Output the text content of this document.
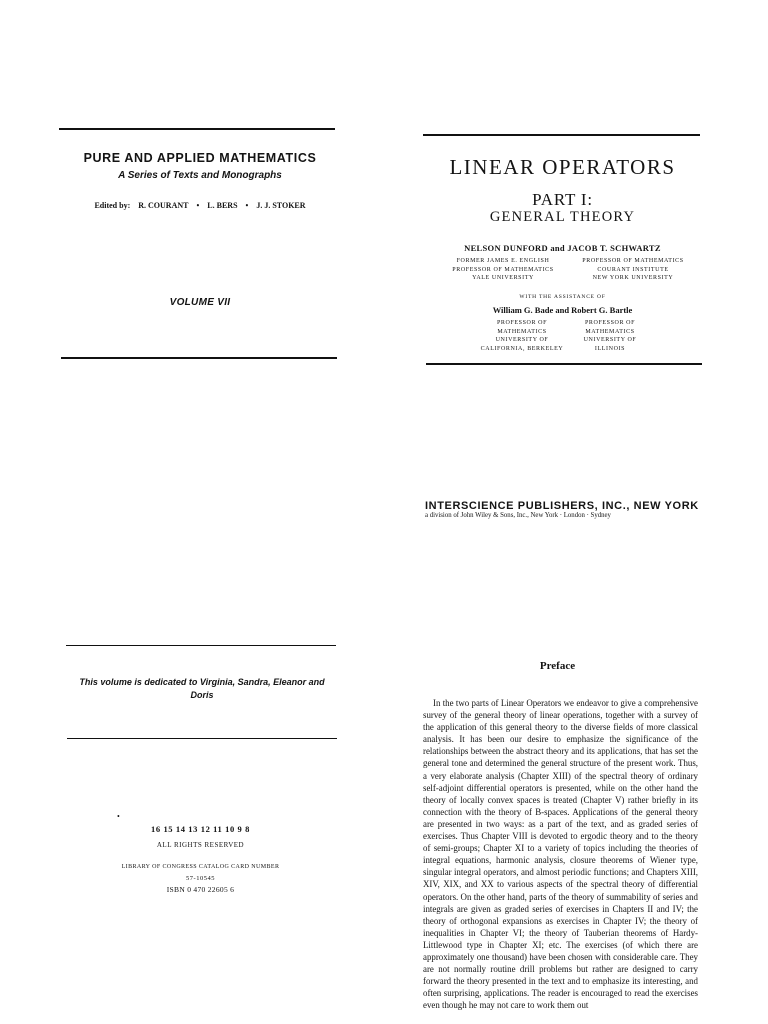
PURE AND APPLIED MATHEMATICS
A Series of Texts and Monographs
Edited by: R. COURANT • L. BERS • J. J. STOKER
VOLUME VII
LINEAR OPERATORS
PART I:
GENERAL THEORY
NELSON DUNFORD and JACOB T. SCHWARTZ
FORMER JAMES E. ENGLISH
PROFESSOR OF MATHEMATICS
YALE UNIVERSITY
PROFESSOR OF MATHEMATICS
COURANT INSTITUTE
NEW YORK UNIVERSITY
WITH THE ASSISTANCE OF
William G. Bade and Robert G. Bartle
PROFESSOR OF
MATHEMATICS
UNIVERSITY OF
CALIFORNIA, BERKELEY
PROFESSOR OF
MATHEMATICS
UNIVERSITY OF
ILLINOIS
INTERSCIENCE PUBLISHERS, INC., NEW YORK
a division of John Wiley & Sons, Inc., New York · London · Sydney
This volume is dedicated to Virginia, Sandra, Eleanor and Doris
•
16 15 14 13 12 11 10 9 8
ALL RIGHTS RESERVED
LIBRARY OF CONGRESS CATALOG CARD NUMBER
57-10545
ISBN 0 470 22605 6
Preface

In the two parts of Linear Operators we endeavor to give a comprehensive survey of the general theory of linear operations, together with a survey of the application of this general theory to the diverse fields of more classical analysis. It has been our desire to emphasize the significance of the relationships between the abstract theory and its applications, that has set the general tone and determined the general structure of the present work. Thus, a very elaborate analysis (Chapter XIII) of the spectral theory of ordinary self-adjoint differential operators is presented, while on the other hand the theory of locally convex spaces is treated (Chapter V) rather briefly in its connection with the theory of B-spaces. Applications of the general theory are presented in two ways: as a part of the text, and as graded series of exercises. Thus Chapter VIII is devoted to ergodic theory and to the theory of semi-groups; Chapter XI to a variety of topics including the theories of integral equations, harmonic analysis, closure theorems of Wiener type, singular integral operators, and almost periodic functions; and Chapters XIII, XIV, XIX, and XX to various aspects of the spectral theory of differential operators. On the other hand, parts of the theory of summability of series and integrals are given as graded series of exercises in Chapters II and IV; the theory of orthogonal expansions as exercises in Chapter IV; the theory of inequalities in Chapter VI; the theory of Tauberian theorems of Hardy-Littlewood type in Chapter XI; etc. The exercises (of which there are approximately one thousand) have been chosen with considerable care. They are not normally routine drill problems but rather are designed to carry forward the theory presented in the text and to emphasize its interesting, and often surprising, applications. The reader is encouraged to read the exercises even though he may not care to work them out
